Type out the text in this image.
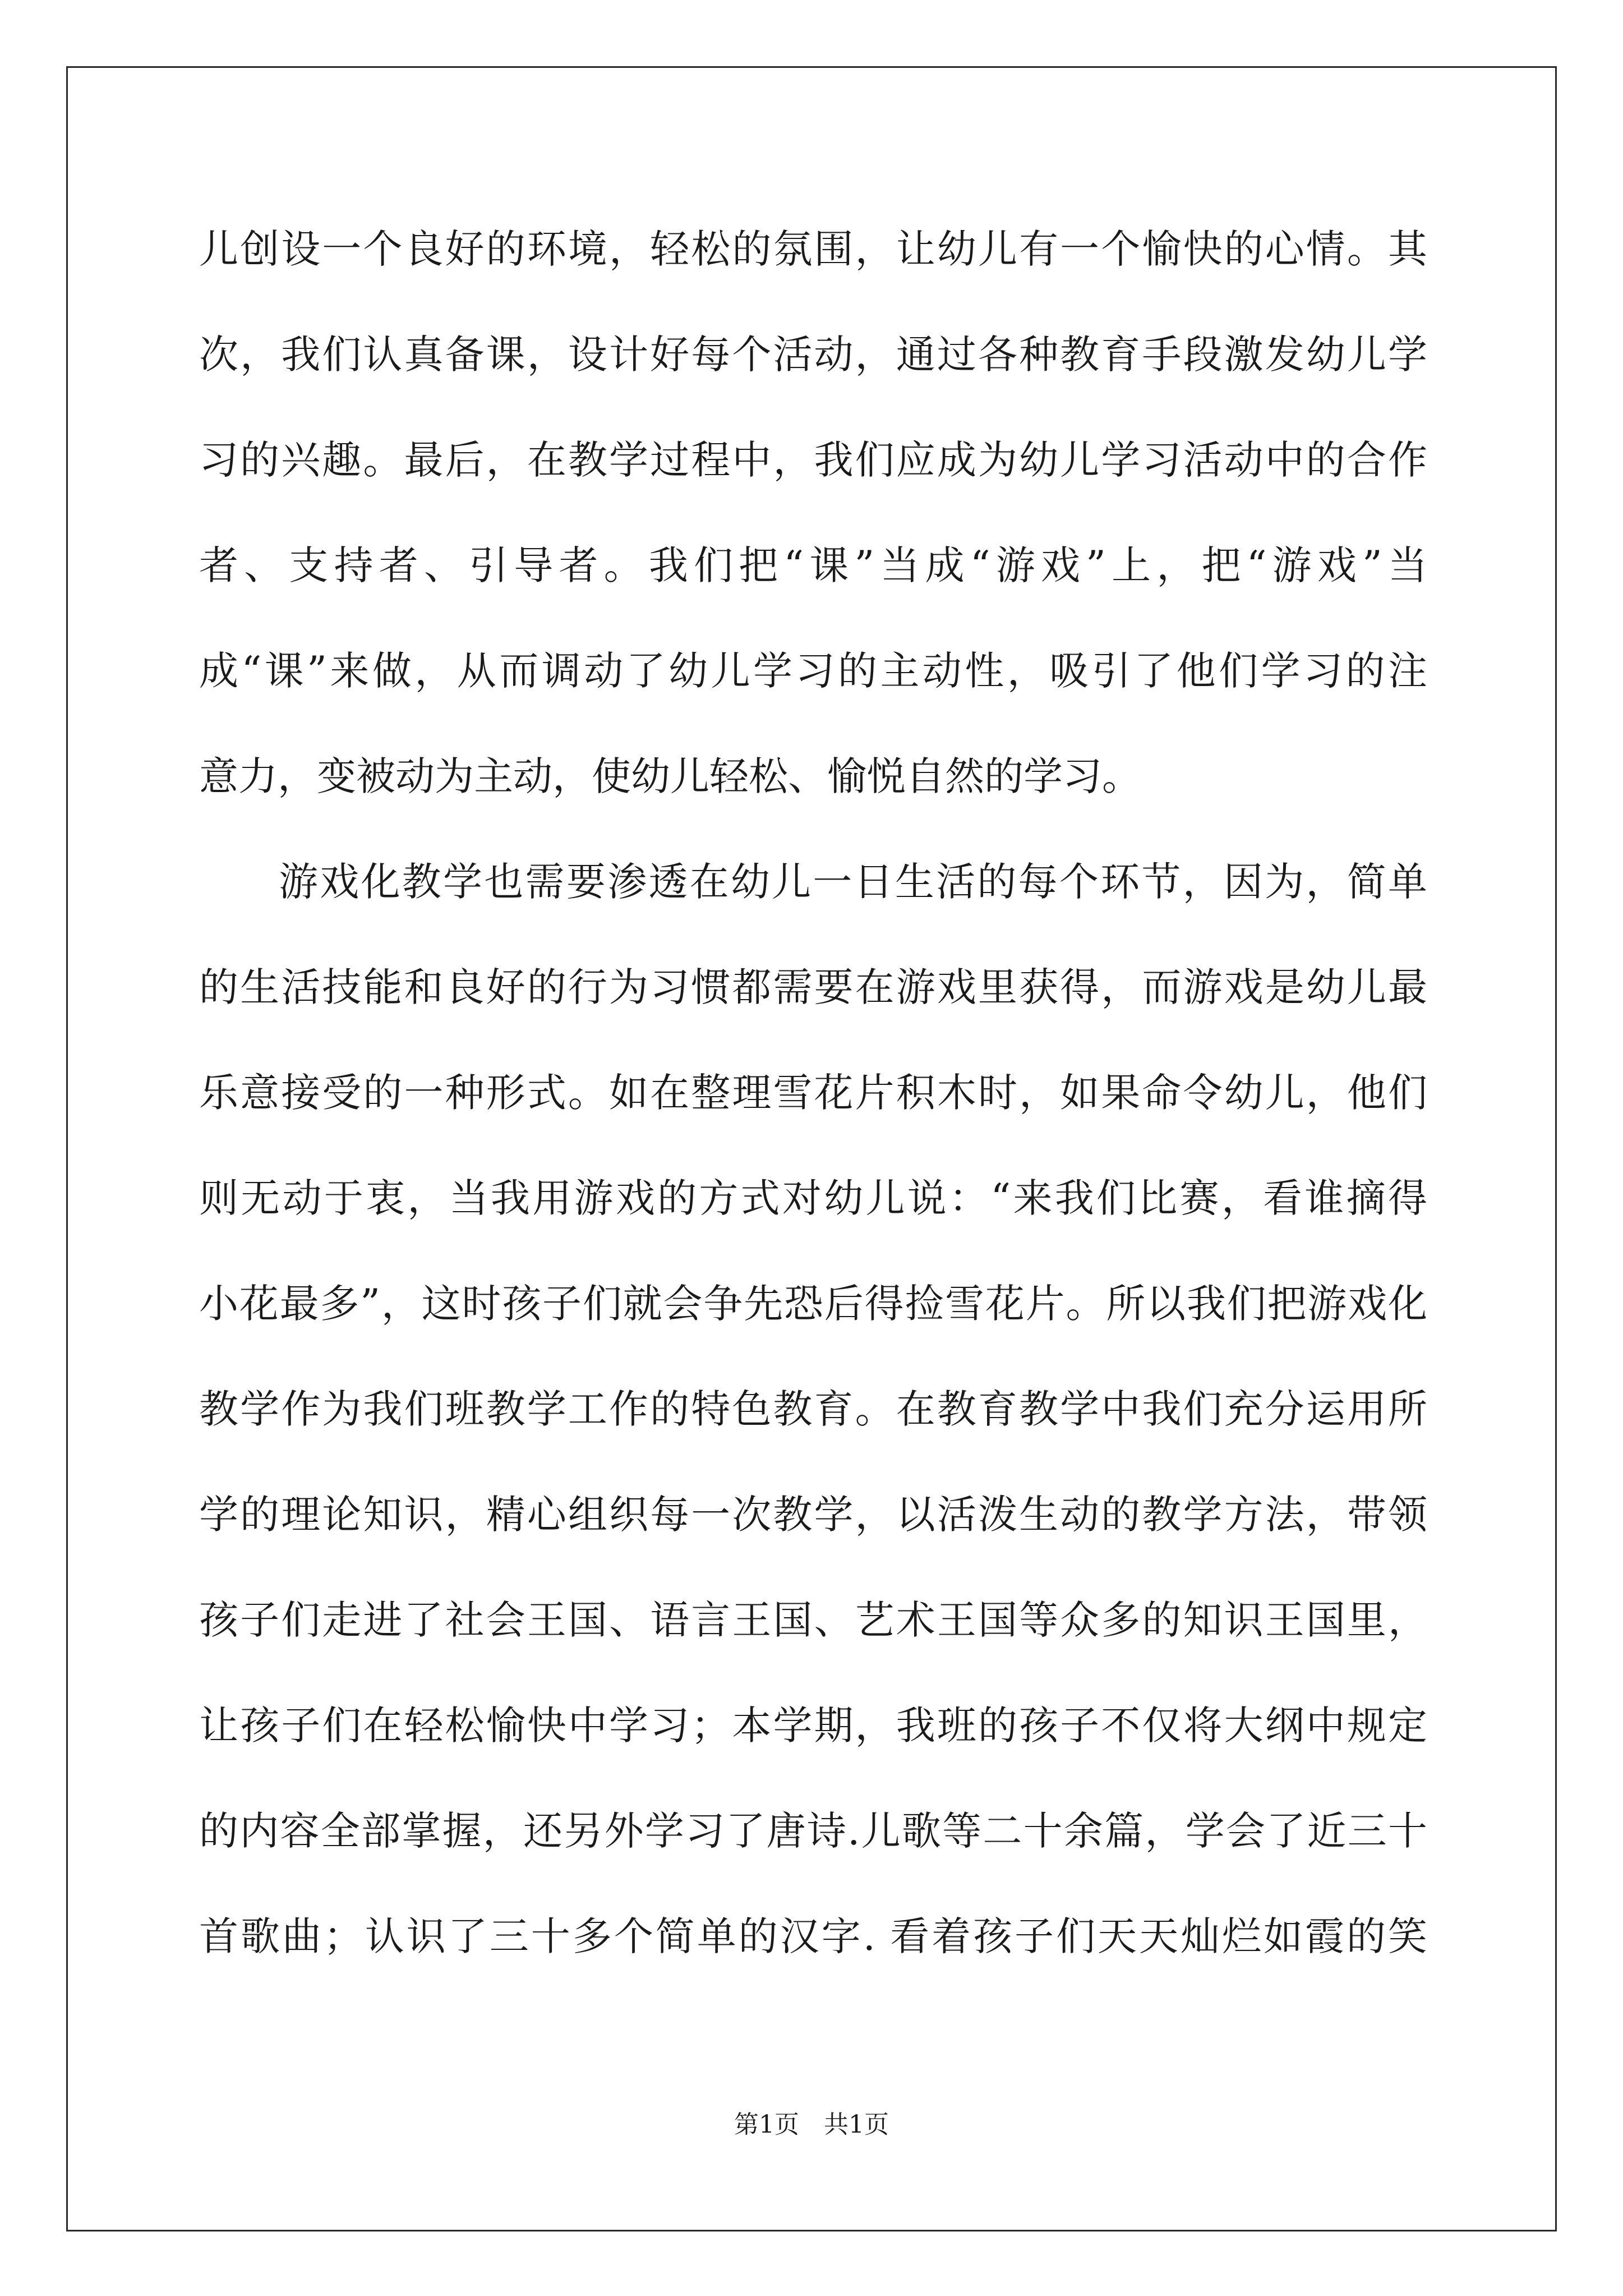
儿创设一个良好的环境，轻松的氛围，让幼儿有一个愉快的心情。其
次，我们认真备课，设计好每个活动，通过各种教育手段激发幼儿学
习的兴趣。最后，在教学过程中，我们应成为幼儿学习活动中的合作
者、支持者、引导者。我们把“课”当成“游戏”上，把“游戏”当
成“课”来做，从而调动了幼儿学习的主动性，吸引了他们学习的注
意力，变被动为主动，使幼儿轻松、愉悦自然的学习。
游戏化教学也需要渗透在幼儿一日生活的每个环节，因为，简单
的生活技能和良好的行为习惯都需要在游戏里获得，而游戏是幼儿最
乐意接受的一种形式。如在整理雪花片积木时，如果命令幼儿，他们
则无动于衷，当我用游戏的方式对幼儿说：“来我们比赛，看谁摘得
小花最多”，这时孩子们就会争先恐后得捡雪花片。所以我们把游戏化
教学作为我们班教学工作的特色教育。在教育教学中我们充分运用所
学的理论知识，精心组织每一次教学，以活泼生动的教学方法，带领
孩子们走进了社会王国、语言王国、艺术王国等众多的知识王国里，
让孩子们在轻松愉快中学习；本学期，我班的孩子不仅将大纲中规定
的内容全部掌握，还另外学习了唐诗.儿歌等二十余篇，学会了近三十
首歌曲；认识了三十多个简单的汉字. 看着孩子们天天灿烂如霞的笑
第1页 共1页
